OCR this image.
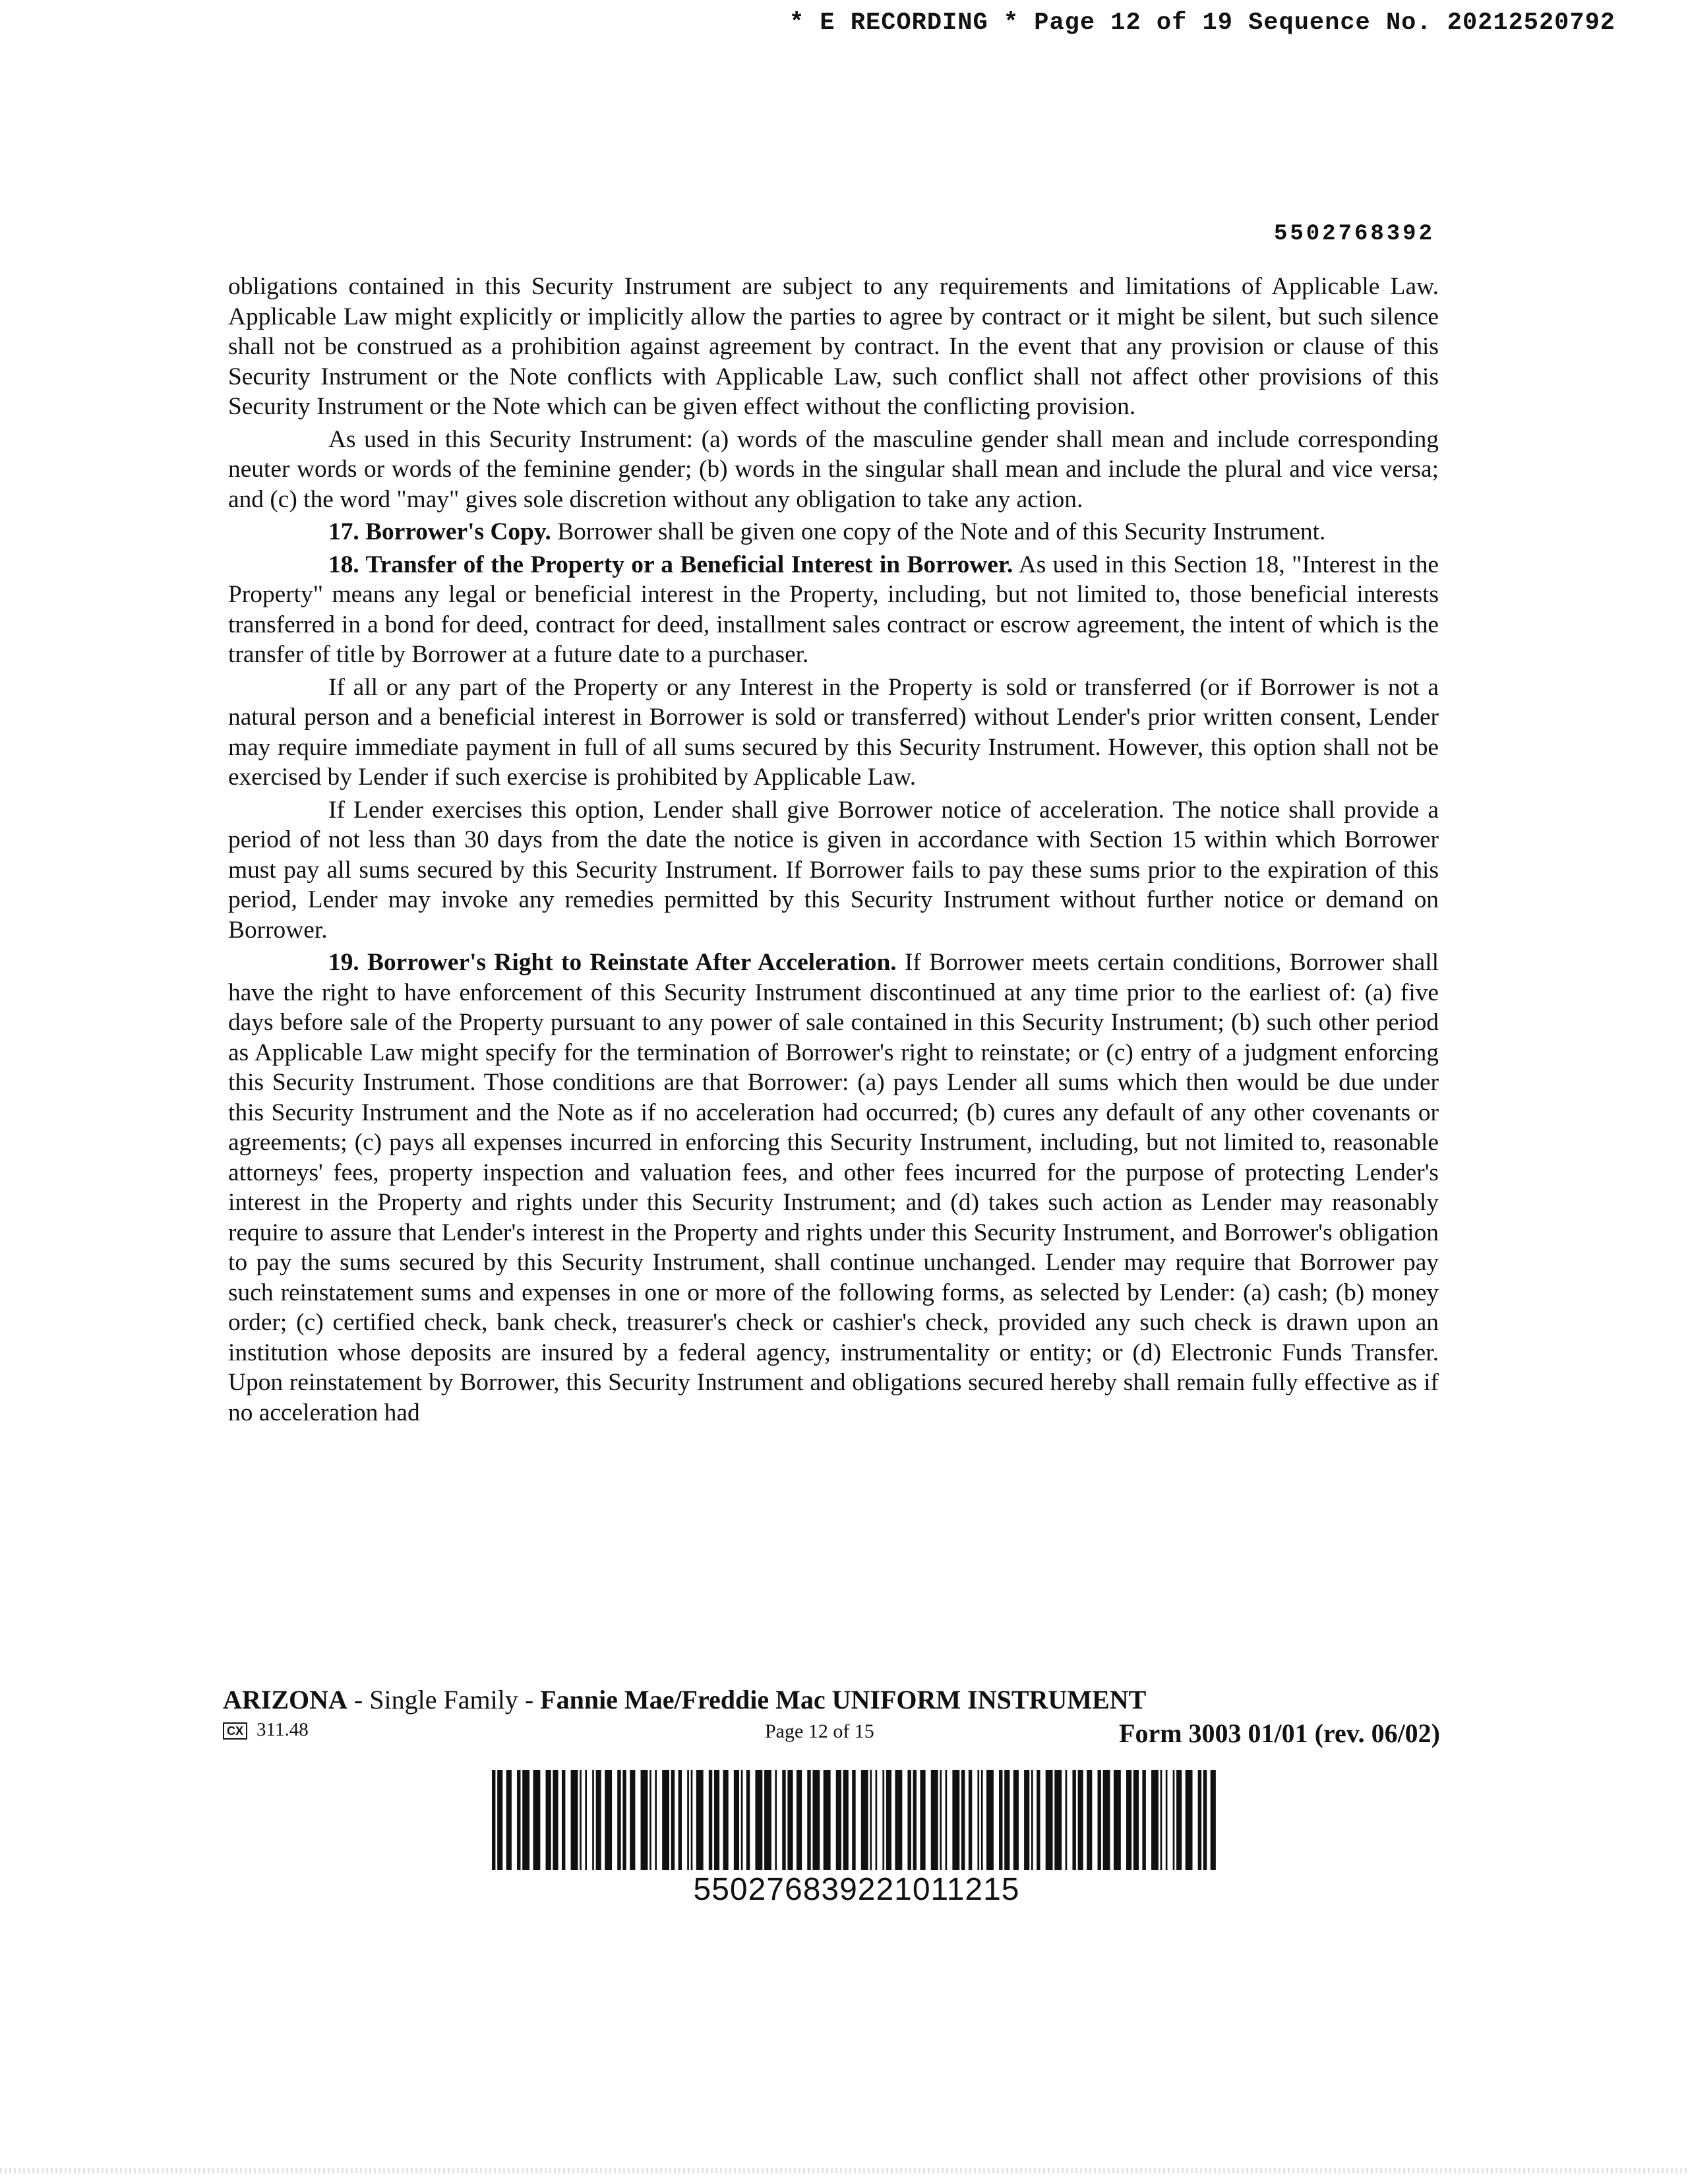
* E RECORDING * Page 12 of 19 Sequence No. 20212520792
5502768392

obligations contained in this Security Instrument are subject to any requirements and limitations of Applicable Law. Applicable Law might explicitly or implicitly allow the parties to agree by contract or it might be silent, but such silence shall not be construed as a prohibition against agreement by contract. In the event that any provision or clause of this Security Instrument or the Note conflicts with Applicable Law, such conflict shall not affect other provisions of this Security Instrument or the Note which can be given effect without the conflicting provision.

As used in this Security Instrument: (a) words of the masculine gender shall mean and include corresponding neuter words or words of the feminine gender; (b) words in the singular shall mean and include the plural and vice versa; and (c) the word "may" gives sole discretion without any obligation to take any action.

17. Borrower's Copy. Borrower shall be given one copy of the Note and of this Security Instrument.

18. Transfer of the Property or a Beneficial Interest in Borrower. As used in this Section 18, "Interest in the Property" means any legal or beneficial interest in the Property, including, but not limited to, those beneficial interests transferred in a bond for deed, contract for deed, installment sales contract or escrow agreement, the intent of which is the transfer of title by Borrower at a future date to a purchaser.

If all or any part of the Property or any Interest in the Property is sold or transferred (or if Borrower is not a natural person and a beneficial interest in Borrower is sold or transferred) without Lender's prior written consent, Lender may require immediate payment in full of all sums secured by this Security Instrument. However, this option shall not be exercised by Lender if such exercise is prohibited by Applicable Law.

If Lender exercises this option, Lender shall give Borrower notice of acceleration. The notice shall provide a period of not less than 30 days from the date the notice is given in accordance with Section 15 within which Borrower must pay all sums secured by this Security Instrument. If Borrower fails to pay these sums prior to the expiration of this period, Lender may invoke any remedies permitted by this Security Instrument without further notice or demand on Borrower.

19. Borrower's Right to Reinstate After Acceleration. If Borrower meets certain conditions, Borrower shall have the right to have enforcement of this Security Instrument discontinued at any time prior to the earliest of: (a) five days before sale of the Property pursuant to any power of sale contained in this Security Instrument; (b) such other period as Applicable Law might specify for the termination of Borrower's right to reinstate; or (c) entry of a judgment enforcing this Security Instrument. Those conditions are that Borrower: (a) pays Lender all sums which then would be due under this Security Instrument and the Note as if no acceleration had occurred; (b) cures any default of any other covenants or agreements; (c) pays all expenses incurred in enforcing this Security Instrument, including, but not limited to, reasonable attorneys' fees, property inspection and valuation fees, and other fees incurred for the purpose of protecting Lender's interest in the Property and rights under this Security Instrument; and (d) takes such action as Lender may reasonably require to assure that Lender's interest in the Property and rights under this Security Instrument, and Borrower's obligation to pay the sums secured by this Security Instrument, shall continue unchanged. Lender may require that Borrower pay such reinstatement sums and expenses in one or more of the following forms, as selected by Lender: (a) cash; (b) money order; (c) certified check, bank check, treasurer's check or cashier's check, provided any such check is drawn upon an institution whose deposits are insured by a federal agency, instrumentality or entity; or (d) Electronic Funds Transfer. Upon reinstatement by Borrower, this Security Instrument and obligations secured hereby shall remain fully effective as if no acceleration had

ARIZONA - Single Family - Fannie Mae/Freddie Mac UNIFORM INSTRUMENT
CX 311.48	Page 12 of 15	Form 3003 01/01 (rev. 06/02)
550276839221011215
